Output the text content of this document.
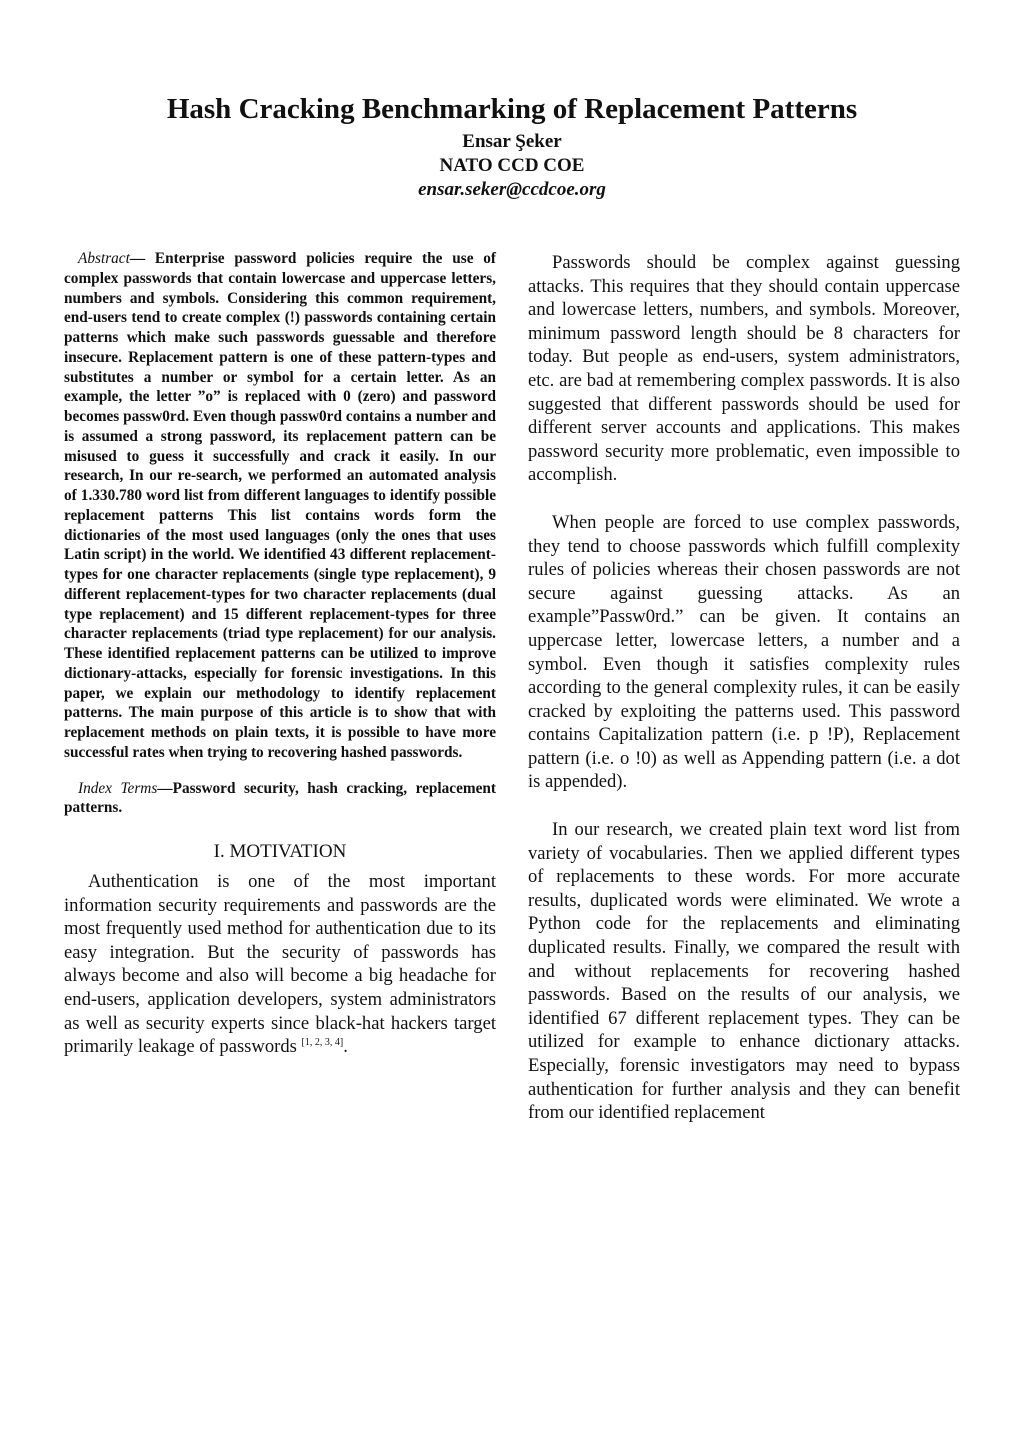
Hash Cracking Benchmarking of Replacement Patterns
Ensar Şeker
NATO CCD COE
ensar.seker@ccdcoe.org

Abstract— Enterprise password policies require the use of complex passwords that contain lowercase and uppercase letters, numbers and symbols. Considering this common requirement, end-users tend to create complex (!) passwords containing certain patterns which make such passwords guessable and therefore insecure. Replacement pattern is one of these pattern-types and substitutes a number or symbol for a certain letter. As an example, the letter ”o” is replaced with 0 (zero) and password becomes passw0rd. Even though passw0rd contains a number and is assumed a strong password, its replacement pattern can be misused to guess it successfully and crack it easily. In our research, In our re-search, we performed an automated analysis of 1.330.780 word list from different languages to identify possible replacement patterns This list contains words form the dictionaries of the most used languages (only the ones that uses Latin script) in the world. We identified 43 different replacement-types for one character replacements (single type replacement), 9 different replacement-types for two character replacements (dual type replacement) and 15 different replacement-types for three character replacements (triad type replacement) for our analysis. These identified replacement patterns can be utilized to improve dictionary-attacks, especially for forensic investigations. In this paper, we explain our methodology to identify replacement patterns. The main purpose of this article is to show that with replacement methods on plain texts, it is possible to have more successful rates when trying to recovering hashed passwords.

Index Terms—Password security, hash cracking, replacement patterns.

I. MOTIVATION

Authentication is one of the most important information security requirements and passwords are the most frequently used method for authentication due to its easy integration. But the security of passwords has always become and also will become a big headache for end-users, application developers, system administrators as well as security experts since black-hat hackers target primarily leakage of passwords [1, 2, 3, 4].

Passwords should be complex against guessing attacks. This requires that they should contain uppercase and lowercase letters, numbers, and symbols. Moreover, minimum password length should be 8 characters for today. But people as end-users, system administrators, etc. are bad at remembering complex passwords. It is also suggested that different passwords should be used for different server accounts and applications. This makes password security more problematic, even impossible to accomplish.

When people are forced to use complex passwords, they tend to choose passwords which fulfill complexity rules of policies whereas their chosen passwords are not secure against guessing attacks. As an example”Passw0rd.” can be given. It contains an uppercase letter, lowercase letters, a number and a symbol. Even though it satisfies complexity rules according to the general complexity rules, it can be easily cracked by exploiting the patterns used. This password contains Capitalization pattern (i.e. p !P), Replacement pattern (i.e. o !0) as well as Appending pattern (i.e. a dot is appended).

In our research, we created plain text word list from variety of vocabularies. Then we applied different types of replacements to these words. For more accurate results, duplicated words were eliminated. We wrote a Python code for the replacements and eliminating duplicated results. Finally, we compared the result with and without replacements for recovering hashed passwords. Based on the results of our analysis, we identified 67 different replacement types. They can be utilized for example to enhance dictionary attacks. Especially, forensic investigators may need to bypass authentication for further analysis and they can benefit from our identified replacement
